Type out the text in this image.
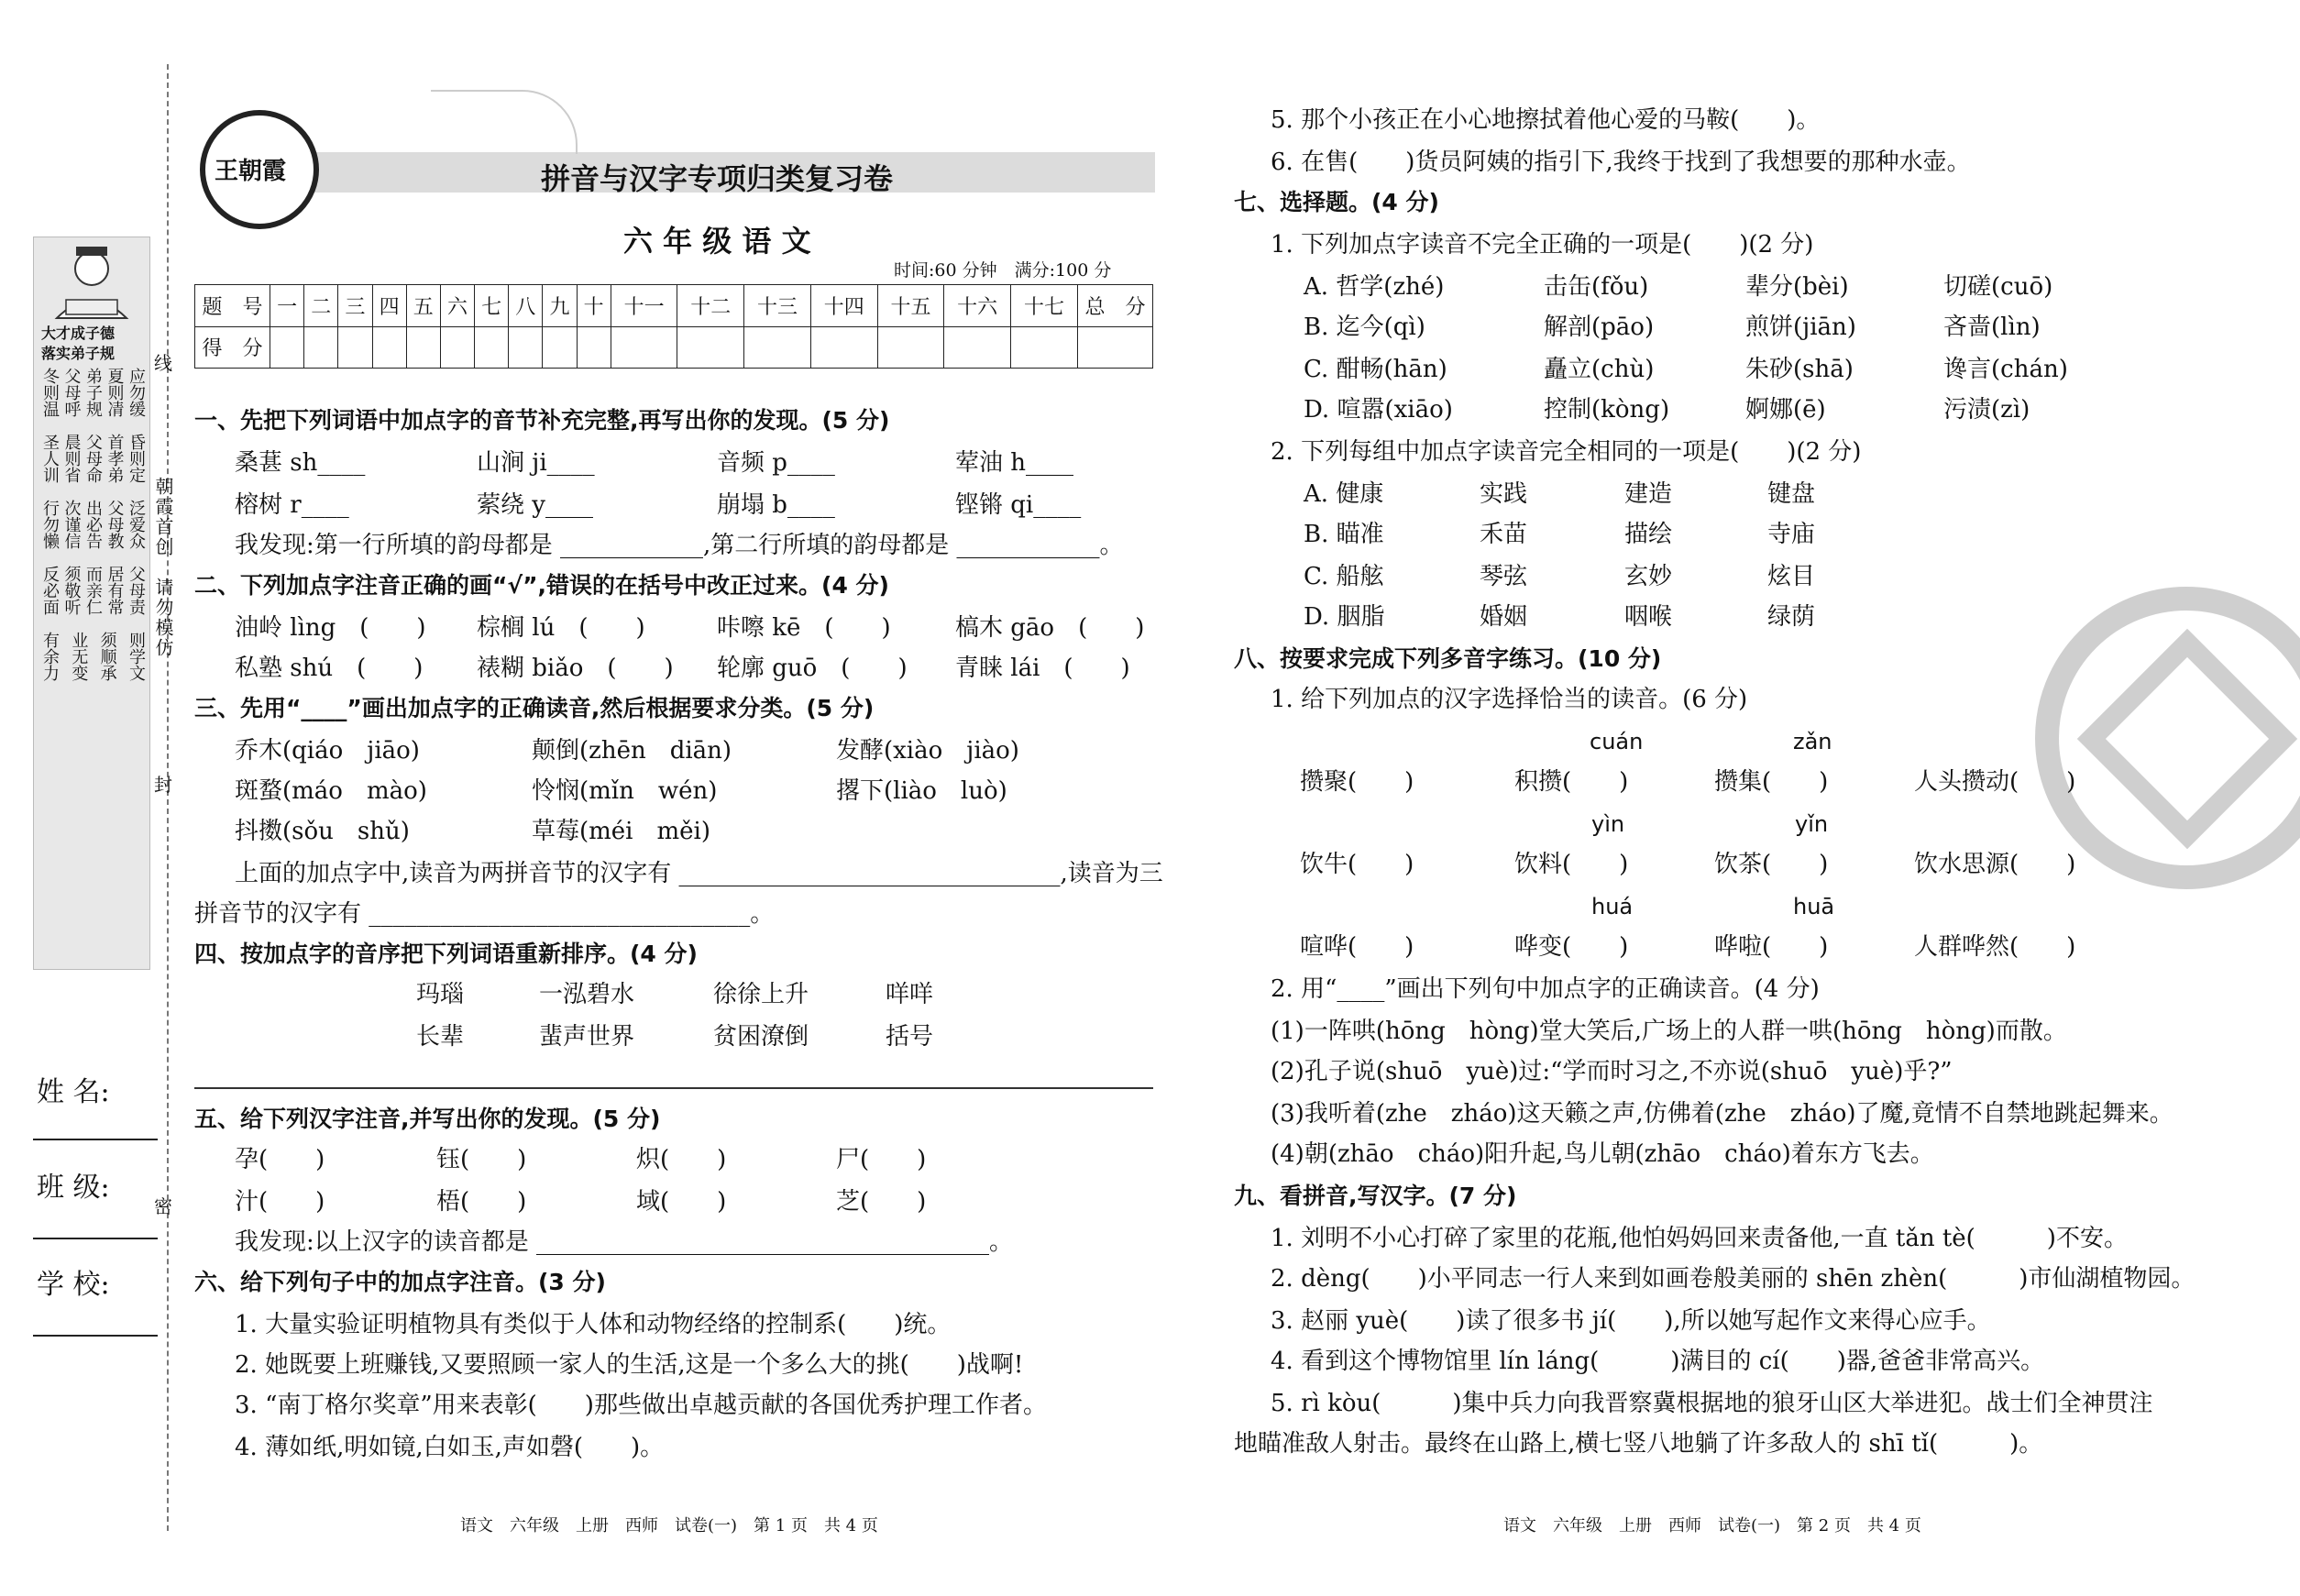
线
封
密
朝霞首创　请勿模仿
大才成子德
落实弟子规
冬则温 父母呼 弟子规 夏则凊 应勿缓
圣人训 晨则省 父母命 首孝弟 昏则定
行勿懒 次谨信 出必告 父母教 泛爱众
反必面 须敬听 而亲仁 居有常 父母责
有余力 业无变 须顺承 则学文
姓 名:
班 级:
学 校:
王朝霞	拼音与汉字专项归类复习卷
六 年 级 语 文
时间:60 分钟　满分:100 分
题　号	一	二	三	四	五	六	七	八	九	十	十一	十二	十三	十四	十五	十六	十七	总　分
得　分																		
一、先把下列词语中加点字的音节补充完整,再写出你的发现。(5 分)
桑葚 sh____	山涧 ji____	音频 p____	荤油 h____
榕树 r____	萦绕 y____	崩塌 b____	铿锵 qi____
我发现:第一行所填的韵母都是 ____________,第二行所填的韵母都是 ____________。
二、下列加点字注音正确的画“√”,错误的在括号中改正过来。(4 分)
油岭 lìng　(　　) 棕榈 lú　(　　)	咔嚓 kē　(　　)	槁木 gāo　(　　)
私塾 shú　(　　) 裱糊 biǎo　(　　) 轮廓 guō　(　　) 青睐 lái　(　　)
三、先用“____”画出加点字的正确读音,然后根据要求分类。(5 分)
乔木(qiáo　jiāo)	颠倒(zhēn　diān)	发酵(xiào　jiào)
斑蝥(máo　mào)	怜悯(mǐn　wén)	撂下(liào　luò)
抖擞(sǒu　shǔ)	草莓(méi　měi)
上面的加点字中,读音为两拼音节的汉字有 ________________________________,读音为三
拼音节的汉字有 ________________________________。
四、按加点字的音序把下列词语重新排序。(4 分)
玛瑙	一泓碧水	徐徐上升	咩咩
长辈	蜚声世界	贫困潦倒	括号
五、给下列汉字注音,并写出你的发现。(5 分)
孕(　　)	钰(　　)	炽(　　)	尸(　　)
汁(　　)	梧(　　)	域(　　)	芝(　　)
我发现:以上汉字的读音都是 ______________________________________。
六、给下列句子中的加点字注音。(3 分)
1. 大量实验证明植物具有类似于人体和动物经络的控制系(　　)统。
2. 她既要上班赚钱,又要照顾一家人的生活,这是一个多么大的挑(　　)战啊!
3. “南丁格尔奖章”用来表彰(　　)那些做出卓越贡献的各国优秀护理工作者。
4. 薄如纸,明如镜,白如玉,声如磬(　　)。
语文　六年级　上册　西师　试卷(一)　第 1 页　共 4 页
5. 那个小孩正在小心地擦拭着他心爱的马鞍(　　)。
6. 在售(　　)货员阿姨的指引下,我终于找到了我想要的那种水壶。
七、选择题。(4 分)
1. 下列加点字读音不完全正确的一项是(　　)(2 分)
A. 哲学(zhé)	击缶(fǒu)	辈分(bèi)	切磋(cuō)
B. 迄今(qì)	解剖(pāo)	煎饼(jiān)	吝啬(lìn)
C. 酣畅(hān)	矗立(chù)	朱砂(shā)	谗言(chán)
D. 喧嚣(xiāo)	控制(kòng)	婀娜(ē)	污渍(zì)
2. 下列每组中加点字读音完全相同的一项是(　　)(2 分)
A. 健康	实践	建造	键盘
B. 瞄准	禾苗	描绘	寺庙
C. 船舷	琴弦	玄妙	炫目
D. 胭脂	婚姻	咽喉	绿荫
八、按要求完成下列多音字练习。(10 分)
1. 给下列加点的汉字选择恰当的读音。(6 分)
cuán	zǎn
攒聚(　　)	积攒(　　)	攒集(　　)	人头攒动(　　)
yìn	yǐn
饮牛(　　)	饮料(　　)	饮茶(　　)	饮水思源(　　)
huá	huā
喧哗(　　)	哗变(　　)	哗啦(　　)	人群哗然(　　)
2. 用“____”画出下列句中加点字的正确读音。(4 分)
(1)一阵哄(hōng　hòng)堂大笑后,广场上的人群一哄(hōng　hòng)而散。
(2)孔子说(shuō　yuè)过:“学而时习之,不亦说(shuō　yuè)乎?”
(3)我听着(zhe　zháo)这天籁之声,仿佛着(zhe　zháo)了魔,竟情不自禁地跳起舞来。
(4)朝(zhāo　cháo)阳升起,鸟儿朝(zhāo　cháo)着东方飞去。
九、看拼音,写汉字。(7 分)
1. 刘明不小心打碎了家里的花瓶,他怕妈妈回来责备他,一直 tǎn tè(　　　)不安。
2. dèng(　　)小平同志一行人来到如画卷般美丽的 shēn zhèn(　　　)市仙湖植物园。
3. 赵丽 yuè(　　)读了很多书 jí(　　),所以她写起作文来得心应手。
4. 看到这个博物馆里 lín láng(　　　)满目的 cí(　　)器,爸爸非常高兴。
5. rì kòu(　　　)集中兵力向我晋察冀根据地的狼牙山区大举进犯。战士们全神贯注
地瞄准敌人射击。最终在山路上,横七竖八地躺了许多敌人的 shī tǐ(　　　)。
语文　六年级　上册　西师　试卷(一)　第 2 页　共 4 页
